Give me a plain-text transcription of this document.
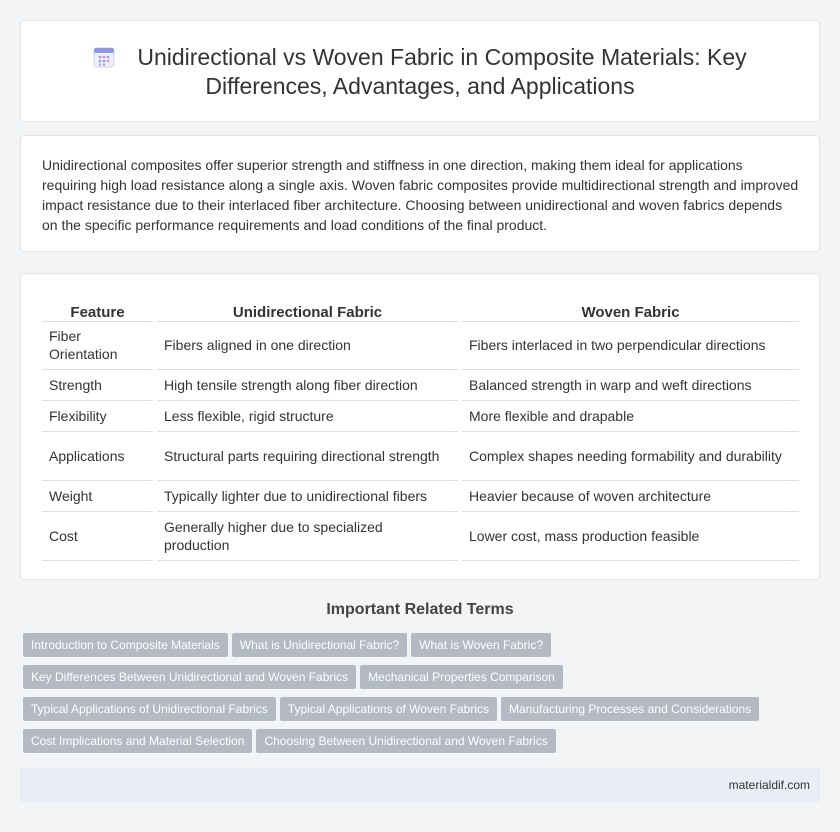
Unidirectional vs Woven Fabric in Composite Materials: Key Differences, Advantages, and Applications

Unidirectional composites offer superior strength and stiffness in one direction, making them ideal for applications requiring high load resistance along a single axis. Woven fabric composites provide multidirectional strength and improved impact resistance due to their interlaced fiber architecture. Choosing between unidirectional and woven fabrics depends on the specific performance requirements and load conditions of the final product.

Feature	Unidirectional Fabric	Woven Fabric
Fiber Orientation	Fibers aligned in one direction	Fibers interlaced in two perpendicular directions
Strength	High tensile strength along fiber direction	Balanced strength in warp and weft directions
Flexibility	Less flexible, rigid structure	More flexible and drapable
Applications	Structural parts requiring directional strength	Complex shapes needing formability and durability
Weight	Typically lighter due to unidirectional fibers	Heavier because of woven architecture
Cost	Generally higher due to specialized production	Lower cost, mass production feasible
Important Related Terms
Introduction to Composite Materials What is Unidirectional Fabric? What is Woven Fabric?
Key Differences Between Unidirectional and Woven Fabrics Mechanical Properties Comparison
Typical Applications of Unidirectional Fabrics Typical Applications of Woven Fabrics Manufacturing Processes and Considerations
Cost Implications and Material Selection Choosing Between Unidirectional and Woven Fabrics
materialdif.com
